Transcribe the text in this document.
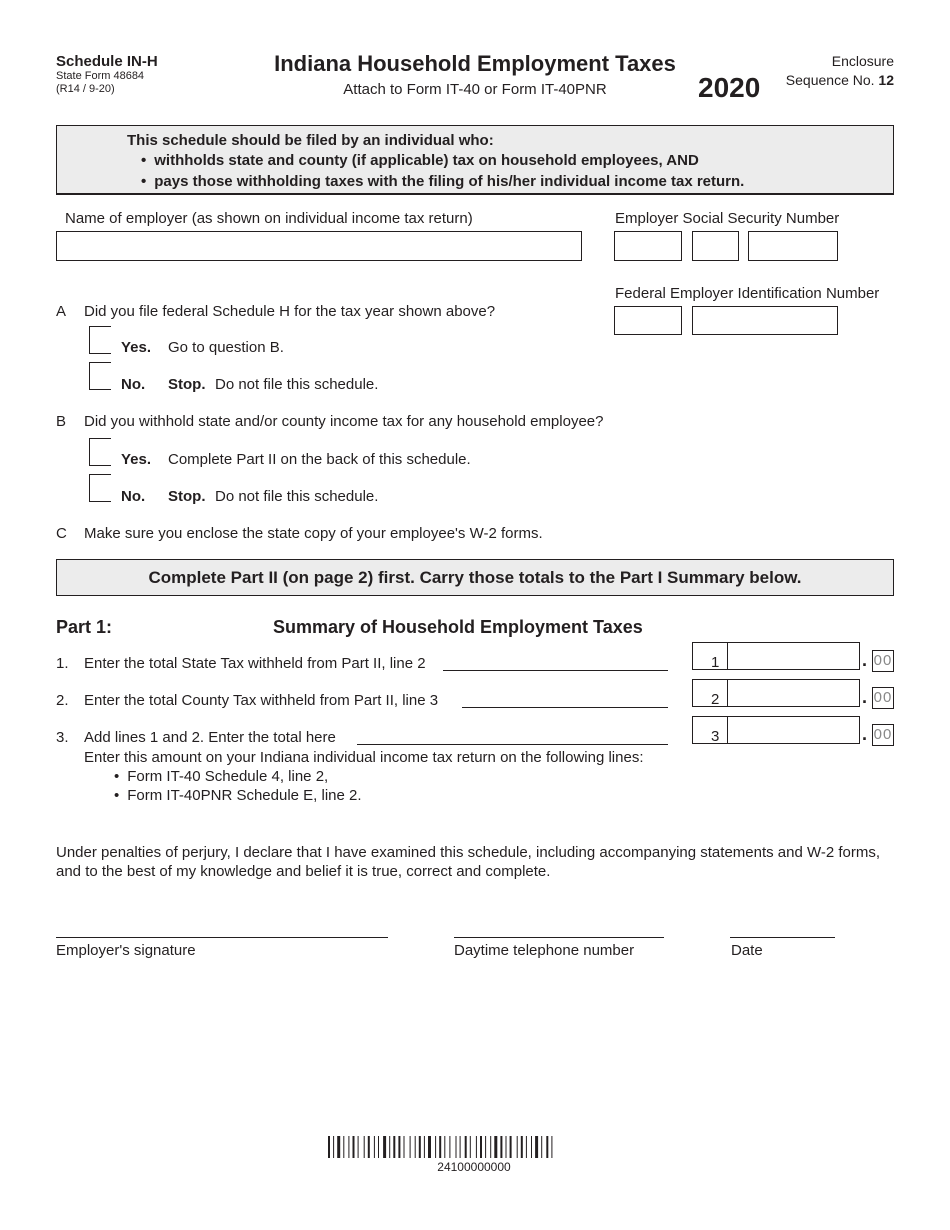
Schedule IN-H
State Form 48684
(R14 / 9-20)
Indiana Household Employment Taxes
Attach to Form IT-40 or Form IT-40PNR	2020
Enclosure
Sequence No. 12
This schedule should be filed by an individual who:
• withholds state and county (if applicable) tax on household employees, AND
• pays those withholding taxes with the filing of his/her individual income tax return.
Name of employer (as shown on individual income tax return)	Employer Social Security Number
Federal Employer Identification Number
A Did you file federal Schedule H for the tax year shown above?
Yes. Go to question B.
No. Stop. Do not file this schedule.
B Did you withhold state and/or county income tax for any household employee?
Yes. Complete Part II on the back of this schedule.
No. Stop. Do not file this schedule.
C Make sure you enclose the state copy of your employee's W-2 forms.
Complete Part II (on page 2) first. Carry those totals to the Part I Summary below.
Part 1:	Summary of Household Employment Taxes
1. Enter the total State Tax withheld from Part II, line 2	1	. 00
2. Enter the total County Tax withheld from Part II, line 3	2	. 00
3. Add lines 1 and 2. Enter the total here	3	. 00
Enter this amount on your Indiana individual income tax return on the following lines:
• Form IT-40 Schedule 4, line 2,
• Form IT-40PNR Schedule E, line 2.
Under penalties of perjury, I declare that I have examined this schedule, including accompanying statements and W-2 forms, and to the best of my knowledge and belief it is true, correct and complete.
Employer's signature	Daytime telephone number	Date
24100000000
